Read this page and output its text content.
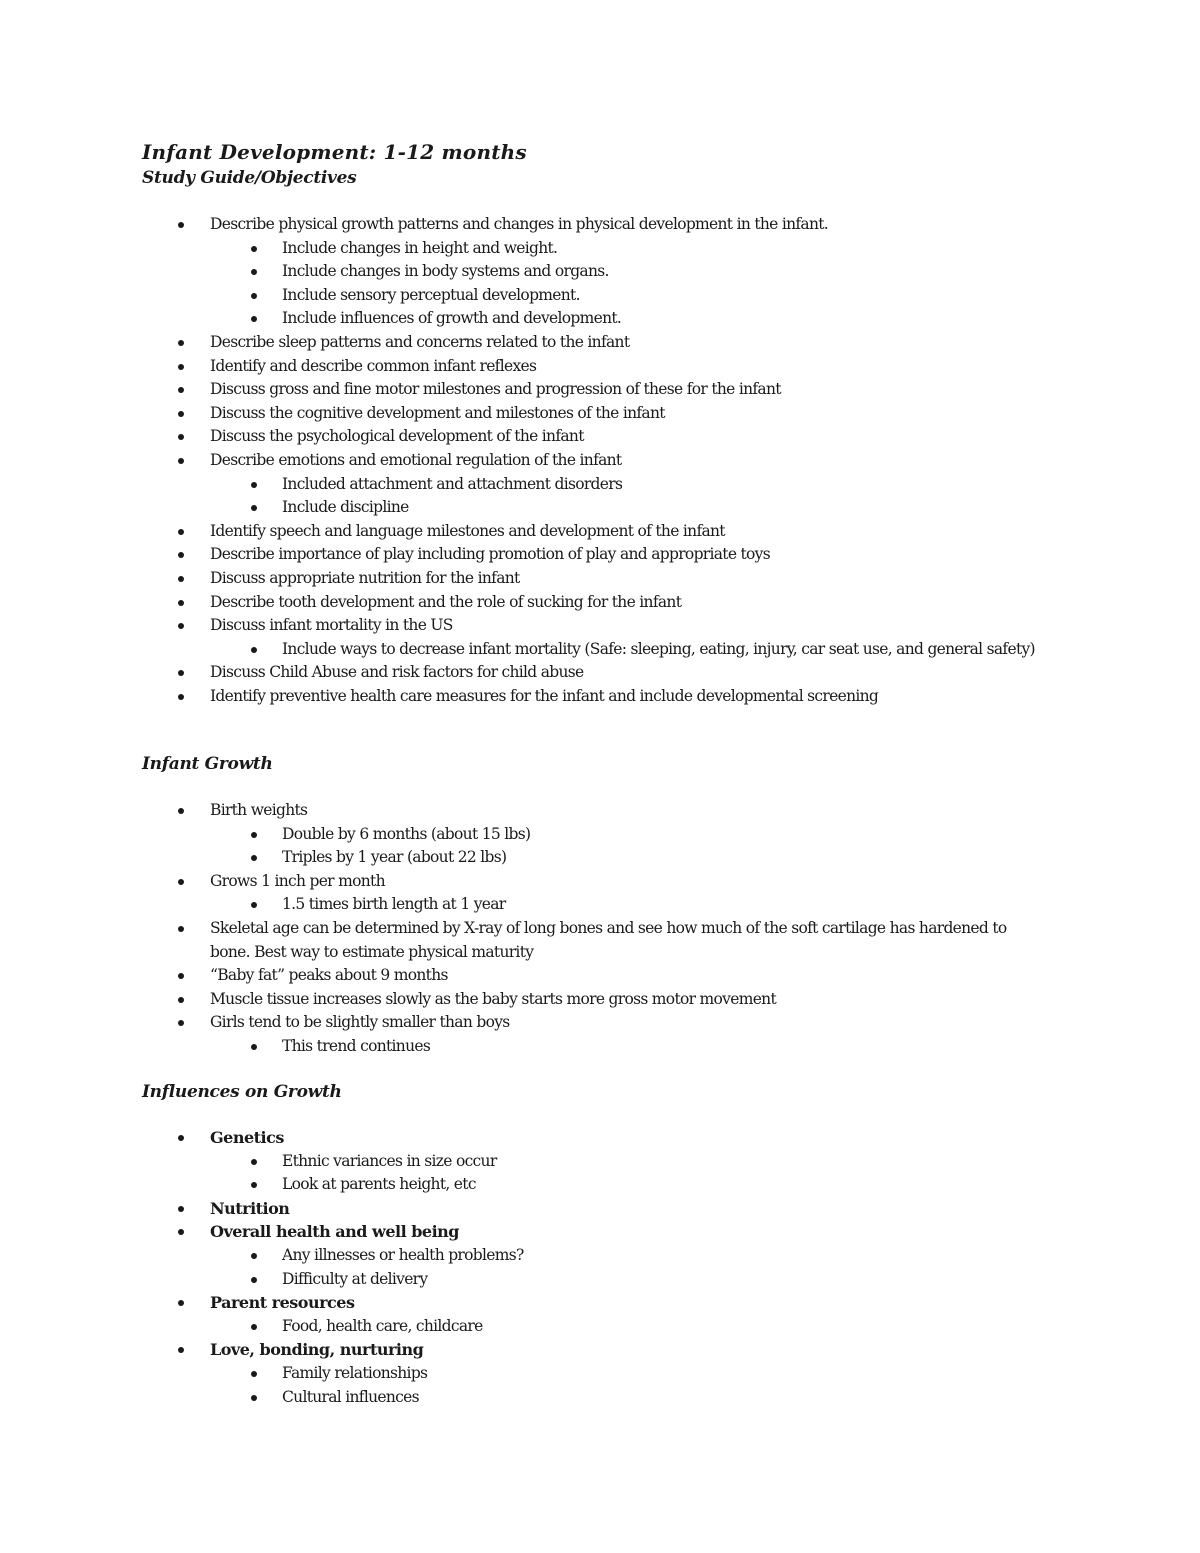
Infant Development: 1-12 months
Study Guide/Objectives
Describe physical growth patterns and changes in physical development in the infant.
Include changes in height and weight.
Include changes in body systems and organs.
Include sensory perceptual development.
Include influences of growth and development.
Describe sleep patterns and concerns related to the infant
Identify and describe common infant reflexes
Discuss gross and fine motor milestones and progression of these for the infant
Discuss the cognitive development and milestones of the infant
Discuss the psychological development of the infant
Describe emotions and emotional regulation of the infant
Included attachment and attachment disorders
Include discipline
Identify speech and language milestones and development of the infant
Describe importance of play including promotion of play and appropriate toys
Discuss appropriate nutrition for the infant
Describe tooth development and the role of sucking for the infant
Discuss infant mortality in the US
Include ways to decrease infant mortality (Safe: sleeping, eating, injury, car seat use, and general safety)
Discuss Child Abuse and risk factors for child abuse
Identify preventive health care measures for the infant and include developmental screening
Infant Growth
Birth weights
Double by 6 months (about 15 lbs)
Triples by 1 year (about 22 lbs)
Grows 1 inch per month
1.5 times birth length at 1 year
Skeletal age can be determined by X-ray of long bones and see how much of the soft cartilage has hardened to bone. Best way to estimate physical maturity
“Baby fat” peaks about 9 months
Muscle tissue increases slowly as the baby starts more gross motor movement
Girls tend to be slightly smaller than boys
This trend continues
Influences on Growth
Genetics
Ethnic variances in size occur
Look at parents height, etc
Nutrition
Overall health and well being
Any illnesses or health problems?
Difficulty at delivery
Parent resources
Food, health care, childcare
Love, bonding, nurturing
Family relationships
Cultural influences
